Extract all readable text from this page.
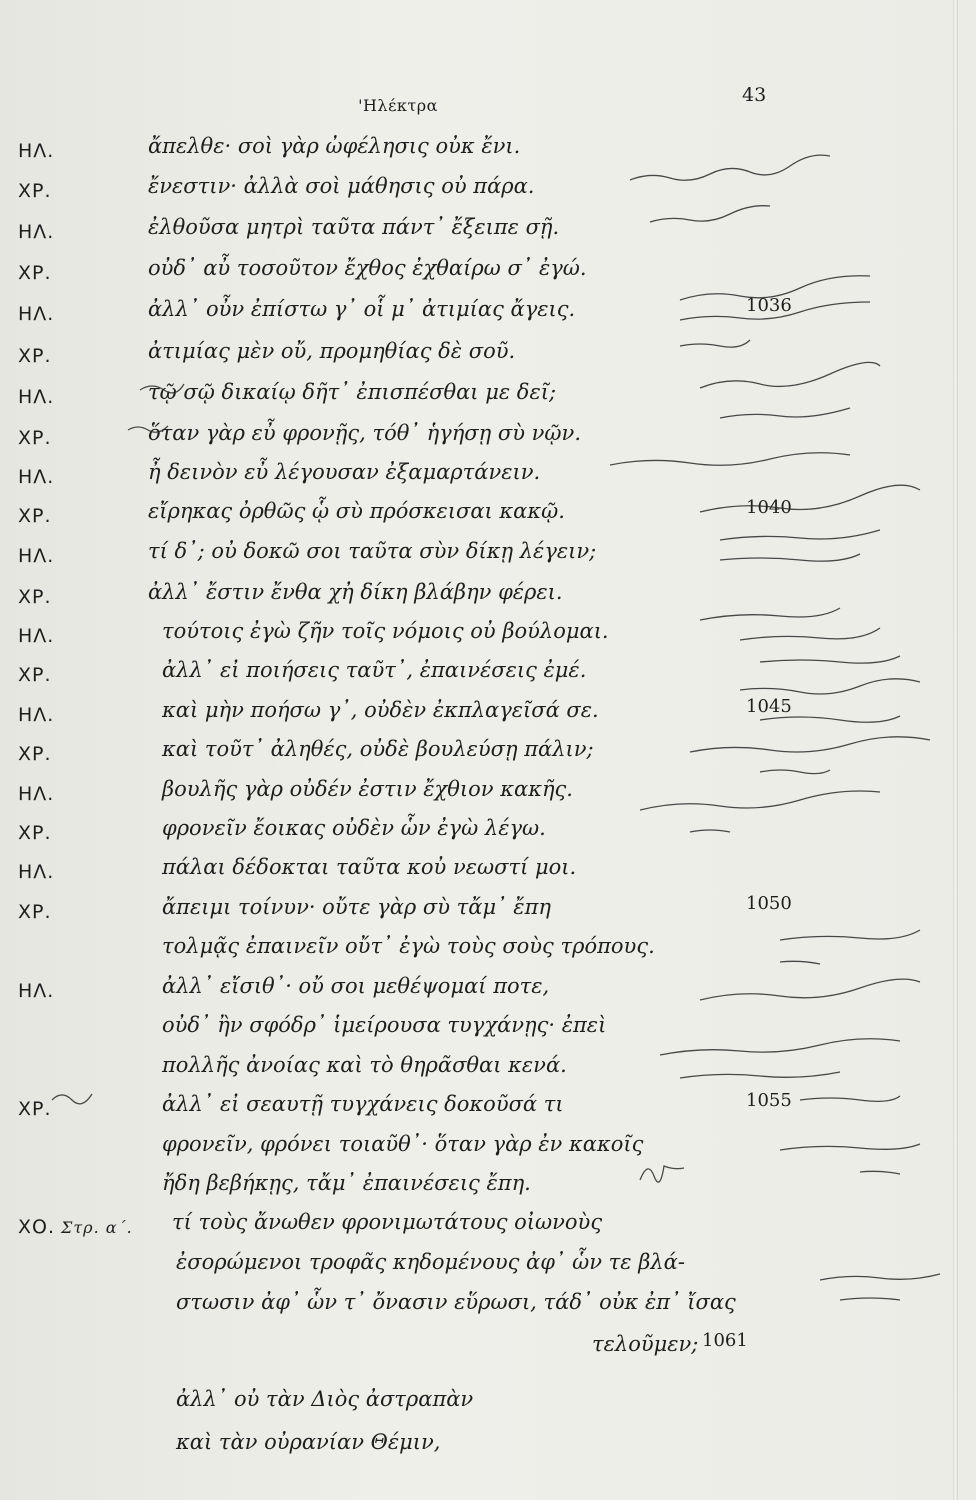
'Ηλέκτρα	43
ΗΛ.	ἄπελθε· σοὶ γὰρ ὠφέλησις οὐκ ἔνι.
ΧΡ.	ἔνεστιν· ἀλλὰ σοὶ μάθησις οὐ πάρα.
ΗΛ.	ἐλθοῦσα μητρὶ ταῦτα πάντ᾽ ἔξειπε σῇ.
ΧΡ.	οὐδ᾽ αὖ τοσοῦτον ἔχθος ἐχθαίρω σ᾽ ἐγώ.
ΗΛ.	ἀλλ᾽ οὖν ἐπίστω γ᾽ οἷ μ᾽ ἀτιμίας ἄγεις.	1036
ΧΡ.	ἀτιμίας μὲν οὔ, προμηθίας δὲ σοῦ.
ΗΛ.	τῷ σῷ δικαίῳ δῆτ᾽ ἐπισπέσθαι με δεῖ;
ΧΡ.	ὅταν γὰρ εὖ φρονῇς, τόθ᾽ ἡγήσῃ σὺ νῷν.
ΗΛ.	ἦ δεινὸν εὖ λέγουσαν ἐξαμαρτάνειν.
ΧΡ.	εἴρηκας ὀρθῶς ᾧ σὺ πρόσκεισαι κακῷ.	1040
ΗΛ.	τί δ᾽; οὐ δοκῶ σοι ταῦτα σὺν δίκῃ λέγειν;
ΧΡ.	ἀλλ᾽ ἔστιν ἔνθα χἠ δίκη βλάβην φέρει.
ΗΛ.	τούτοις ἐγὼ ζῆν τοῖς νόμοις οὐ βούλομαι.
ΧΡ.	ἀλλ᾽ εἰ ποιήσεις ταῦτ᾽, ἐπαινέσεις ἐμέ.
ΗΛ.	καὶ μὴν ποήσω γ᾽, οὐδὲν ἐκπλαγεῖσά σε.	1045
ΧΡ.	καὶ τοῦτ᾽ ἀληθές, οὐδὲ βουλεύσῃ πάλιν;
ΗΛ.	βουλῆς γὰρ οὐδέν ἐστιν ἔχθιον κακῆς.
ΧΡ.	φρονεῖν ἔοικας οὐδὲν ὧν ἐγὼ λέγω.
ΗΛ.	πάλαι δέδοκται ταῦτα κοὐ νεωστί μοι.
ΧΡ.	ἄπειμι τοίνυν· οὔτε γὰρ σὺ τἄμ᾽ ἔπη	1050
τολμᾷς ἐπαινεῖν οὔτ᾽ ἐγὼ τοὺς σοὺς τρόπους.
ΗΛ.	ἀλλ᾽ εἴσιθ᾽· οὔ σοι μεθέψομαί ποτε,
οὐδ᾽ ἢν σφόδρ᾽ ἱμείρουσα τυγχάνῃς· ἐπεὶ
πολλῆς ἀνοίας καὶ τὸ θηρᾶσθαι κενά.
ΧΡ.	ἀλλ᾽ εἰ σεαυτῇ τυγχάνεις δοκοῦσά τι	1055
φρονεῖν, φρόνει τοιαῦθ᾽· ὅταν γὰρ ἐν κακοῖς
ἤδη βεβήκῃς, τἄμ᾽ ἐπαινέσεις ἔπη.
ΧΟ. Στρ. α΄. τί τοὺς ἄνωθεν φρονιμωτάτους οἰωνοὺς
ἐσορώμενοι τροφᾶς κηδομένους ἀφ᾽ ὧν τε βλά-
στωσιν ἀφ᾽ ὧν τ᾽ ὄνασιν εὕρωσι, τάδ᾽ οὐκ ἐπ᾽ ἴσας
τελοῦμεν; 1061
ἀλλ᾽ οὐ τὰν Διὸς ἀστραπὰν
καὶ τὰν οὐρανίαν Θέμιν,
